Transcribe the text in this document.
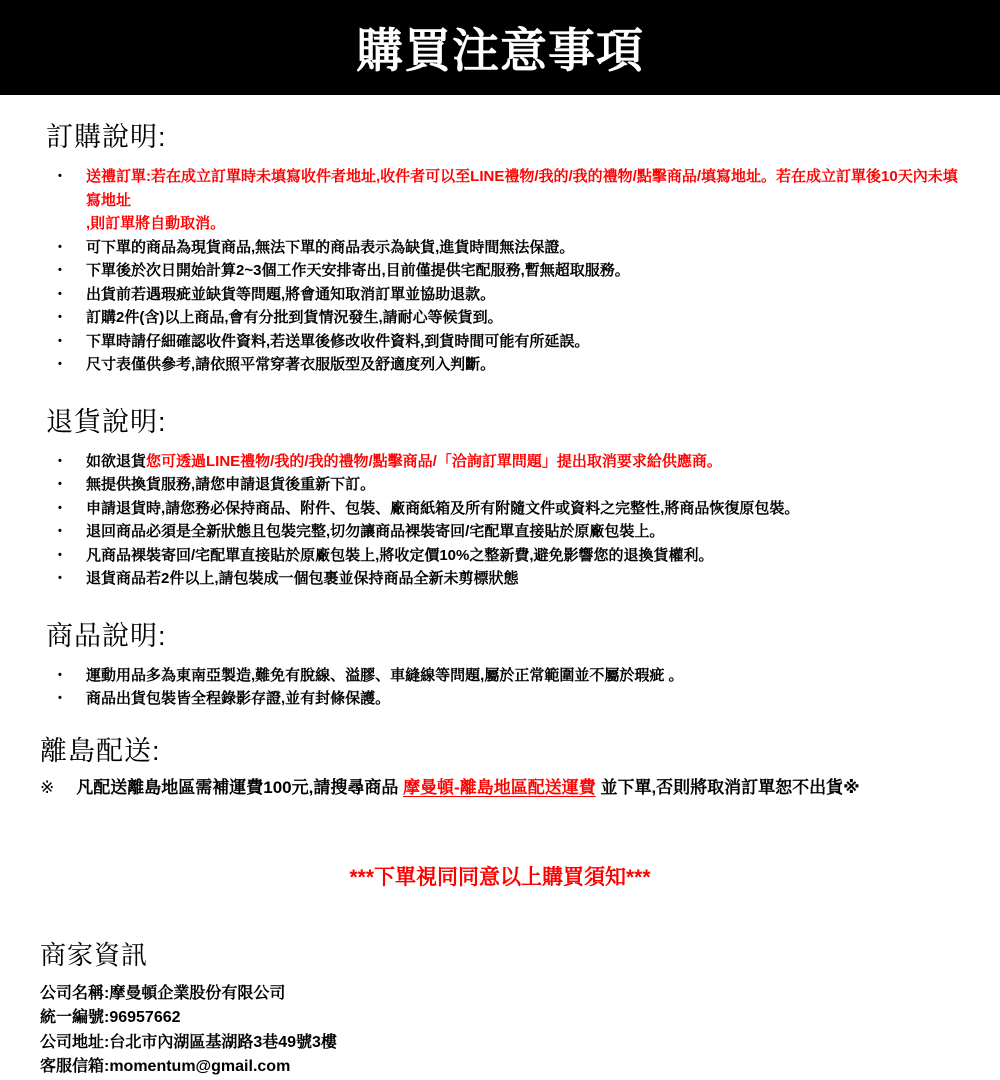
購買注意事項
訂購說明:
• 送禮訂單:若在成立訂單時未填寫收件者地址,收件者可以至LINE禮物/我的/我的禮物/點擊商品/填寫地址。若在成立訂單後10天內未填寫地址
,則訂單將自動取消。
• 可下單的商品為現貨商品,無法下單的商品表示為缺貨,進貨時間無法保證。
• 下單後於次日開始計算2~3個工作天安排寄出,目前僅提供宅配服務,暫無超取服務。
• 出貨前若遇瑕疵並缺貨等問題,將會通知取消訂單並協助退款。
• 訂購2件(含)以上商品,會有分批到貨情況發生,請耐心等候貨到。
• 下單時請仔細確認收件資料,若送單後修改收件資料,到貨時間可能有所延誤。
• 尺寸表僅供參考,請依照平常穿著衣服版型及舒適度列入判斷。
退貨說明:
• 如欲退貨您可透過LINE禮物/我的/我的禮物/點擊商品/「洽詢訂單問題」提出取消要求給供應商。
• 無提供換貨服務,請您申請退貨後重新下訂。
• 申請退貨時,請您務必保持商品、附件、包裝、廠商紙箱及所有附隨文件或資料之完整性,將商品恢復原包裝。
• 退回商品必須是全新狀態且包裝完整,切勿讓商品裸裝寄回/宅配單直接貼於原廠包裝上。
• 凡商品裸裝寄回/宅配單直接貼於原廠包裝上,將收定價10%之整新費,避免影響您的退換貨權利。
• 退貨商品若2件以上,請包裝成一個包裹並保持商品全新未剪標狀態
商品說明:
• 運動用品多為東南亞製造,難免有脫線、溢膠、車縫線等問題,屬於正常範圍並不屬於瑕疵 。
• 商品出貨包裝皆全程錄影存證,並有封條保護。
離島配送:
※ 凡配送離島地區需補運費100元,請搜尋商品 摩曼頓-離島地區配送運費 並下單,否則將取消訂單恕不出貨※
***下單視同同意以上購買須知***
商家資訊
公司名稱:摩曼頓企業股份有限公司
統一編號:96957662
公司地址:台北市內湖區基湖路3巷49號3樓
客服信箱:momentum@gmail.com
